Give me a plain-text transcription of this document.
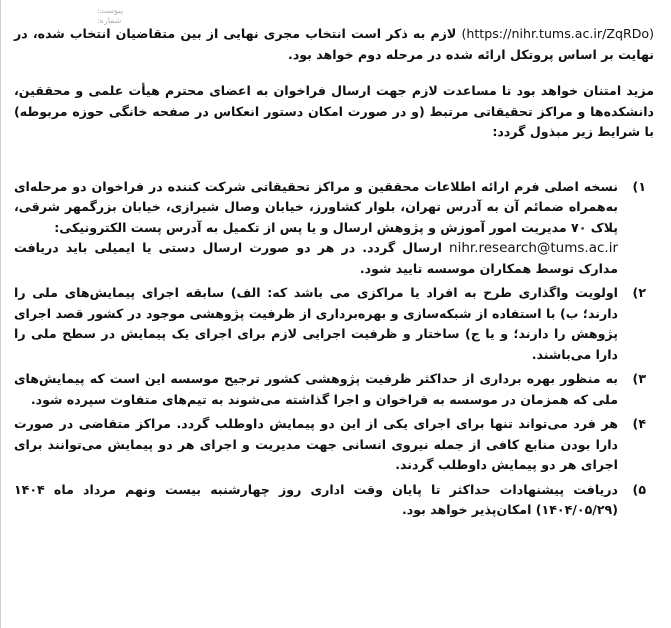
پیوست:
شماره:

(https://nihr.tums.ac.ir/ZqRDo) لازم به ذکر است انتخاب مجری نهایی از بین متقاضیان انتخاب شده، در نهایت بر اساس پروتکل ارائه شده در مرحله دوم خواهد بود.

مزید امتنان خواهد بود تا مساعدت لازم جهت ارسال فراخوان به اعضای محترم هیأت علمی و محققین، دانشکده‌ها و مراکز تحقیقاتی مرتبط (و در صورت امکان دستور انعکاس در صفحه خانگی حوزه مربوطه) با شرایط زیر مبذول گردد:

۱)
نسخه اصلی فرم ارائه اطلاعات محققین و مراکز تحقیقاتی شرکت کننده در فراخوان دو مرحله‌ای به‌همراه ضمائم آن به آدرس تهران، بلوار کشاورز، خیابان وصال شیرازی، خیابان بزرگمهر شرقی، پلاک ۷۰ مدیریت امور آموزش و پژوهش ارسال و یا پس از تکمیل به آدرس پست الکترونیکی:
nihr.research@tums.ac.ir ارسال گردد. در هر دو صورت ارسال دستی یا ایمیلی باید دریافت مدارک توسط همکاران موسسه تایید شود.
۲)
اولویت واگذاری طرح به افراد یا مراکزی می باشد که: الف) سابقه اجرای پیمایش‌های ملی را دارند؛ ب) با استفاده از شبکه‌سازی و بهره‌برداری از ظرفیت پژوهشی موجود در کشور قصد اجرای پژوهش را دارند؛ و یا ج) ساختار و ظرفیت اجرایی لازم برای اجرای یک پیمایش در سطح ملی را دارا می‌باشند.
۳)
به منظور بهره برداری از حداکثر ظرفیت پژوهشی کشور ترجیح موسسه این است که پیمایش‌های ملی که همزمان در موسسه به فراخوان و اجرا گذاشته می‌شوند به تیم‌های متفاوت سپرده شود.
۴)
هر فرد می‌تواند تنها برای اجرای یکی از این دو پیمایش داوطلب گردد. مراکز متقاضی در صورت دارا بودن منابع کافی از جمله نیروی انسانی جهت مدیریت و اجرای هر دو پیمایش می‌توانند برای اجرای هر دو پیمایش داوطلب گردند.
۵)
دریافت پیشنهادات حداکثر تا پایان وقت اداری روز چهارشنبه بیست ونهم مرداد ماه ۱۴۰۴ (۱۴۰۴/۰۵/۲۹) امکان‌پذیر خواهد بود.
